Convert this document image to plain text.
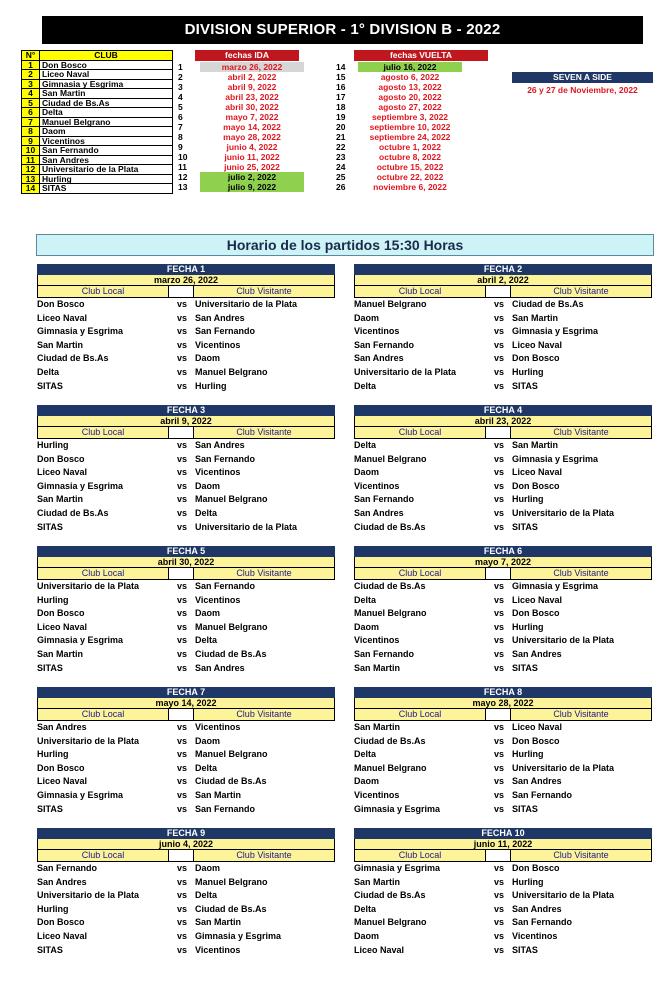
DIVISION SUPERIOR - 1° DIVISION B - 2022
N°	CLUB
1	Don Bosco
2	Liceo Naval
3	Gimnasia y Esgrima
4	San Martin
5	Ciudad de Bs.As
6	Delta
7	Manuel Belgrano
8	Daom
9	Vicentinos
10	San Fernando
11	San Andres
12	Universitario de la Plata
13	Hurling
14	SITAS
fechas IDA
1	marzo 26, 2022
2	abril 2, 2022
3	abril 9, 2022
4	abril 23, 2022
5	abril 30, 2022
6	mayo 7, 2022
7	mayo 14, 2022
8	mayo 28, 2022
9	junio 4, 2022
10	junio 11, 2022
11	junio 25, 2022
12	julio 2, 2022
13	julio 9, 2022
fechas VUELTA
14	julio 16, 2022
15	agosto 6, 2022
16	agosto 13, 2022
17	agosto 20, 2022
18	agosto 27, 2022
19	septiembre 3, 2022
20	septiembre 10, 2022
21	septiembre 24, 2022
22	octubre 1, 2022
23	octubre 8, 2022
24	octubre 15, 2022
25	octubre 22, 2022
26	noviembre 6, 2022
SEVEN A SIDE
26 y 27 de Noviembre, 2022
Horario de los partidos 15:30 Horas
FECHA 1
marzo 26, 2022
Club Local	Club Visitante
Don Bosco	vs Universitario de la Plata
Liceo Naval	vs San Andres
Gimnasia y Esgrima	vs San Fernando
San Martin	vs Vicentinos
Ciudad de Bs.As	vs Daom
Delta	vs Manuel Belgrano
SITAS	vs Hurling
FECHA 2
abril 2, 2022
Club Local	Club Visitante
Manuel Belgrano	vs Ciudad de Bs.As
Daom	vs San Martin
Vicentinos	vs Gimnasia y Esgrima
San Fernando	vs Liceo Naval
San Andres	vs Don Bosco
Universitario de la Plata	vs Hurling
Delta	vs SITAS
FECHA 3
abril 9, 2022
Club Local	Club Visitante
Hurling	vs San Andres
Don Bosco	vs San Fernando
Liceo Naval	vs Vicentinos
Gimnasia y Esgrima	vs Daom
San Martin	vs Manuel Belgrano
Ciudad de Bs.As	vs Delta
SITAS	vs Universitario de la Plata
FECHA 4
abril 23, 2022
Club Local	Club Visitante
Delta	vs San Martin
Manuel Belgrano	vs Gimnasia y Esgrima
Daom	vs Liceo Naval
Vicentinos	vs Don Bosco
San Fernando	vs Hurling
San Andres	vs Universitario de la Plata
Ciudad de Bs.As	vs SITAS
FECHA 5
abril 30, 2022
Club Local	Club Visitante
Universitario de la Plata	vs San Fernando
Hurling	vs Vicentinos
Don Bosco	vs Daom
Liceo Naval	vs Manuel Belgrano
Gimnasia y Esgrima	vs Delta
San Martin	vs Ciudad de Bs.As
SITAS	vs San Andres
FECHA 6
mayo 7, 2022
Club Local	Club Visitante
Ciudad de Bs.As	vs Gimnasia y Esgrima
Delta	vs Liceo Naval
Manuel Belgrano	vs Don Bosco
Daom	vs Hurling
Vicentinos	vs Universitario de la Plata
San Fernando	vs San Andres
San Martin	vs SITAS
FECHA 7
mayo 14, 2022
Club Local	Club Visitante
San Andres	vs Vicentinos
Universitario de la Plata	vs Daom
Hurling	vs Manuel Belgrano
Don Bosco	vs Delta
Liceo Naval	vs Ciudad de Bs.As
Gimnasia y Esgrima	vs San Martin
SITAS	vs San Fernando
FECHA 8
mayo 28, 2022
Club Local	Club Visitante
San Martin	vs Liceo Naval
Ciudad de Bs.As	vs Don Bosco
Delta	vs Hurling
Manuel Belgrano	vs Universitario de la Plata
Daom	vs San Andres
Vicentinos	vs San Fernando
Gimnasia y Esgrima	vs SITAS
FECHA 9
junio 4, 2022
Club Local	Club Visitante
San Fernando	vs Daom
San Andres	vs Manuel Belgrano
Universitario de la Plata	vs Delta
Hurling	vs Ciudad de Bs.As
Don Bosco	vs San Martin
Liceo Naval	vs Gimnasia y Esgrima
SITAS	vs Vicentinos
FECHA 10
junio 11, 2022
Club Local	Club Visitante
Gimnasia y Esgrima	vs Don Bosco
San Martin	vs Hurling
Ciudad de Bs.As	vs Universitario de la Plata
Delta	vs San Andres
Manuel Belgrano	vs San Fernando
Daom	vs Vicentinos
Liceo Naval	vs SITAS
